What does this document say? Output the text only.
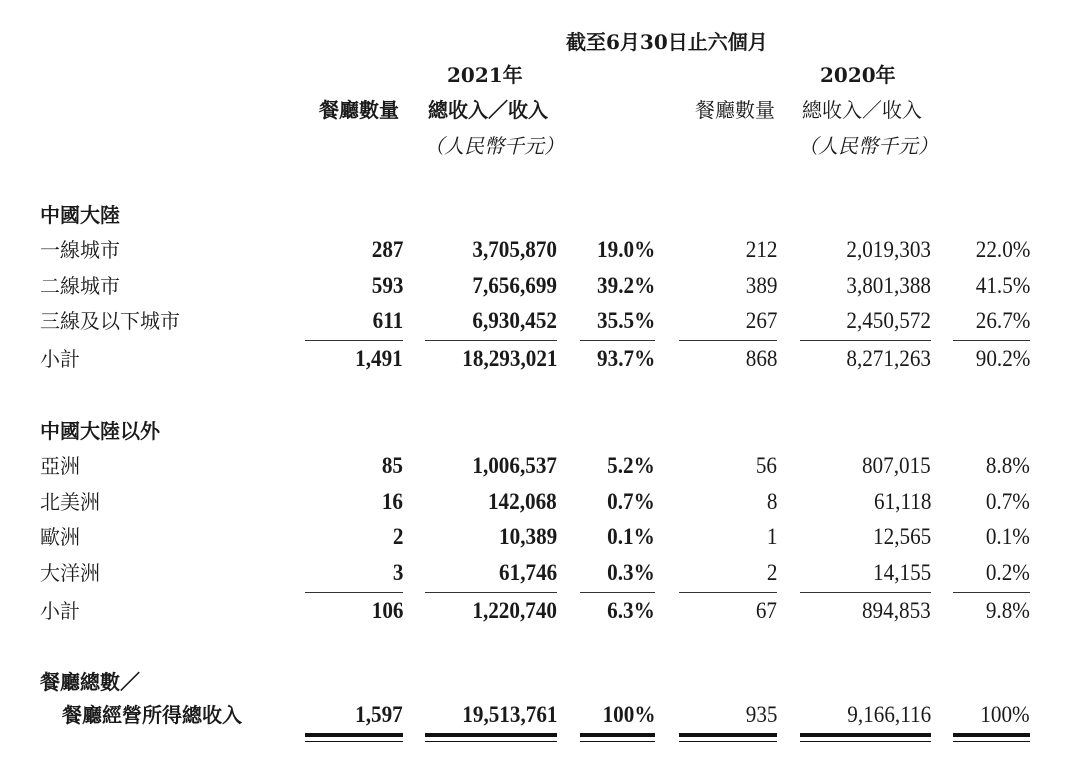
截至6月30日止六個月
2021年	2020年
餐廳數量 總收入／收入
（人民幣千元）
餐廳數量 總收入／收入
（人民幣千元）
中國大陸
一線城市	287	3,705,870 19.0%	212	2,019,303 22.0%
二線城市	593	7,656,699 39.2%	389	3,801,388 41.5%
三線及以下城市	611	6,930,452 35.5%	267	2,450,572 26.7%
小計	1,491	18,293,021 93.7%	868	8,271,263 90.2%
中國大陸以外
亞洲	85	1,006,537 5.2%	56	807,015 8.8%
北美洲	16	142,068 0.7%	8	61,118 0.7%
歐洲	2	10,389 0.1%	1	12,565 0.1%
大洋洲	3	61,746 0.3%	2	14,155 0.2%
小計	106	1,220,740 6.3%	67	894,853 9.8%
餐廳總數／
餐廳經營所得總收入	1,597	19,513,761 100%	935	9,166,116 100%
